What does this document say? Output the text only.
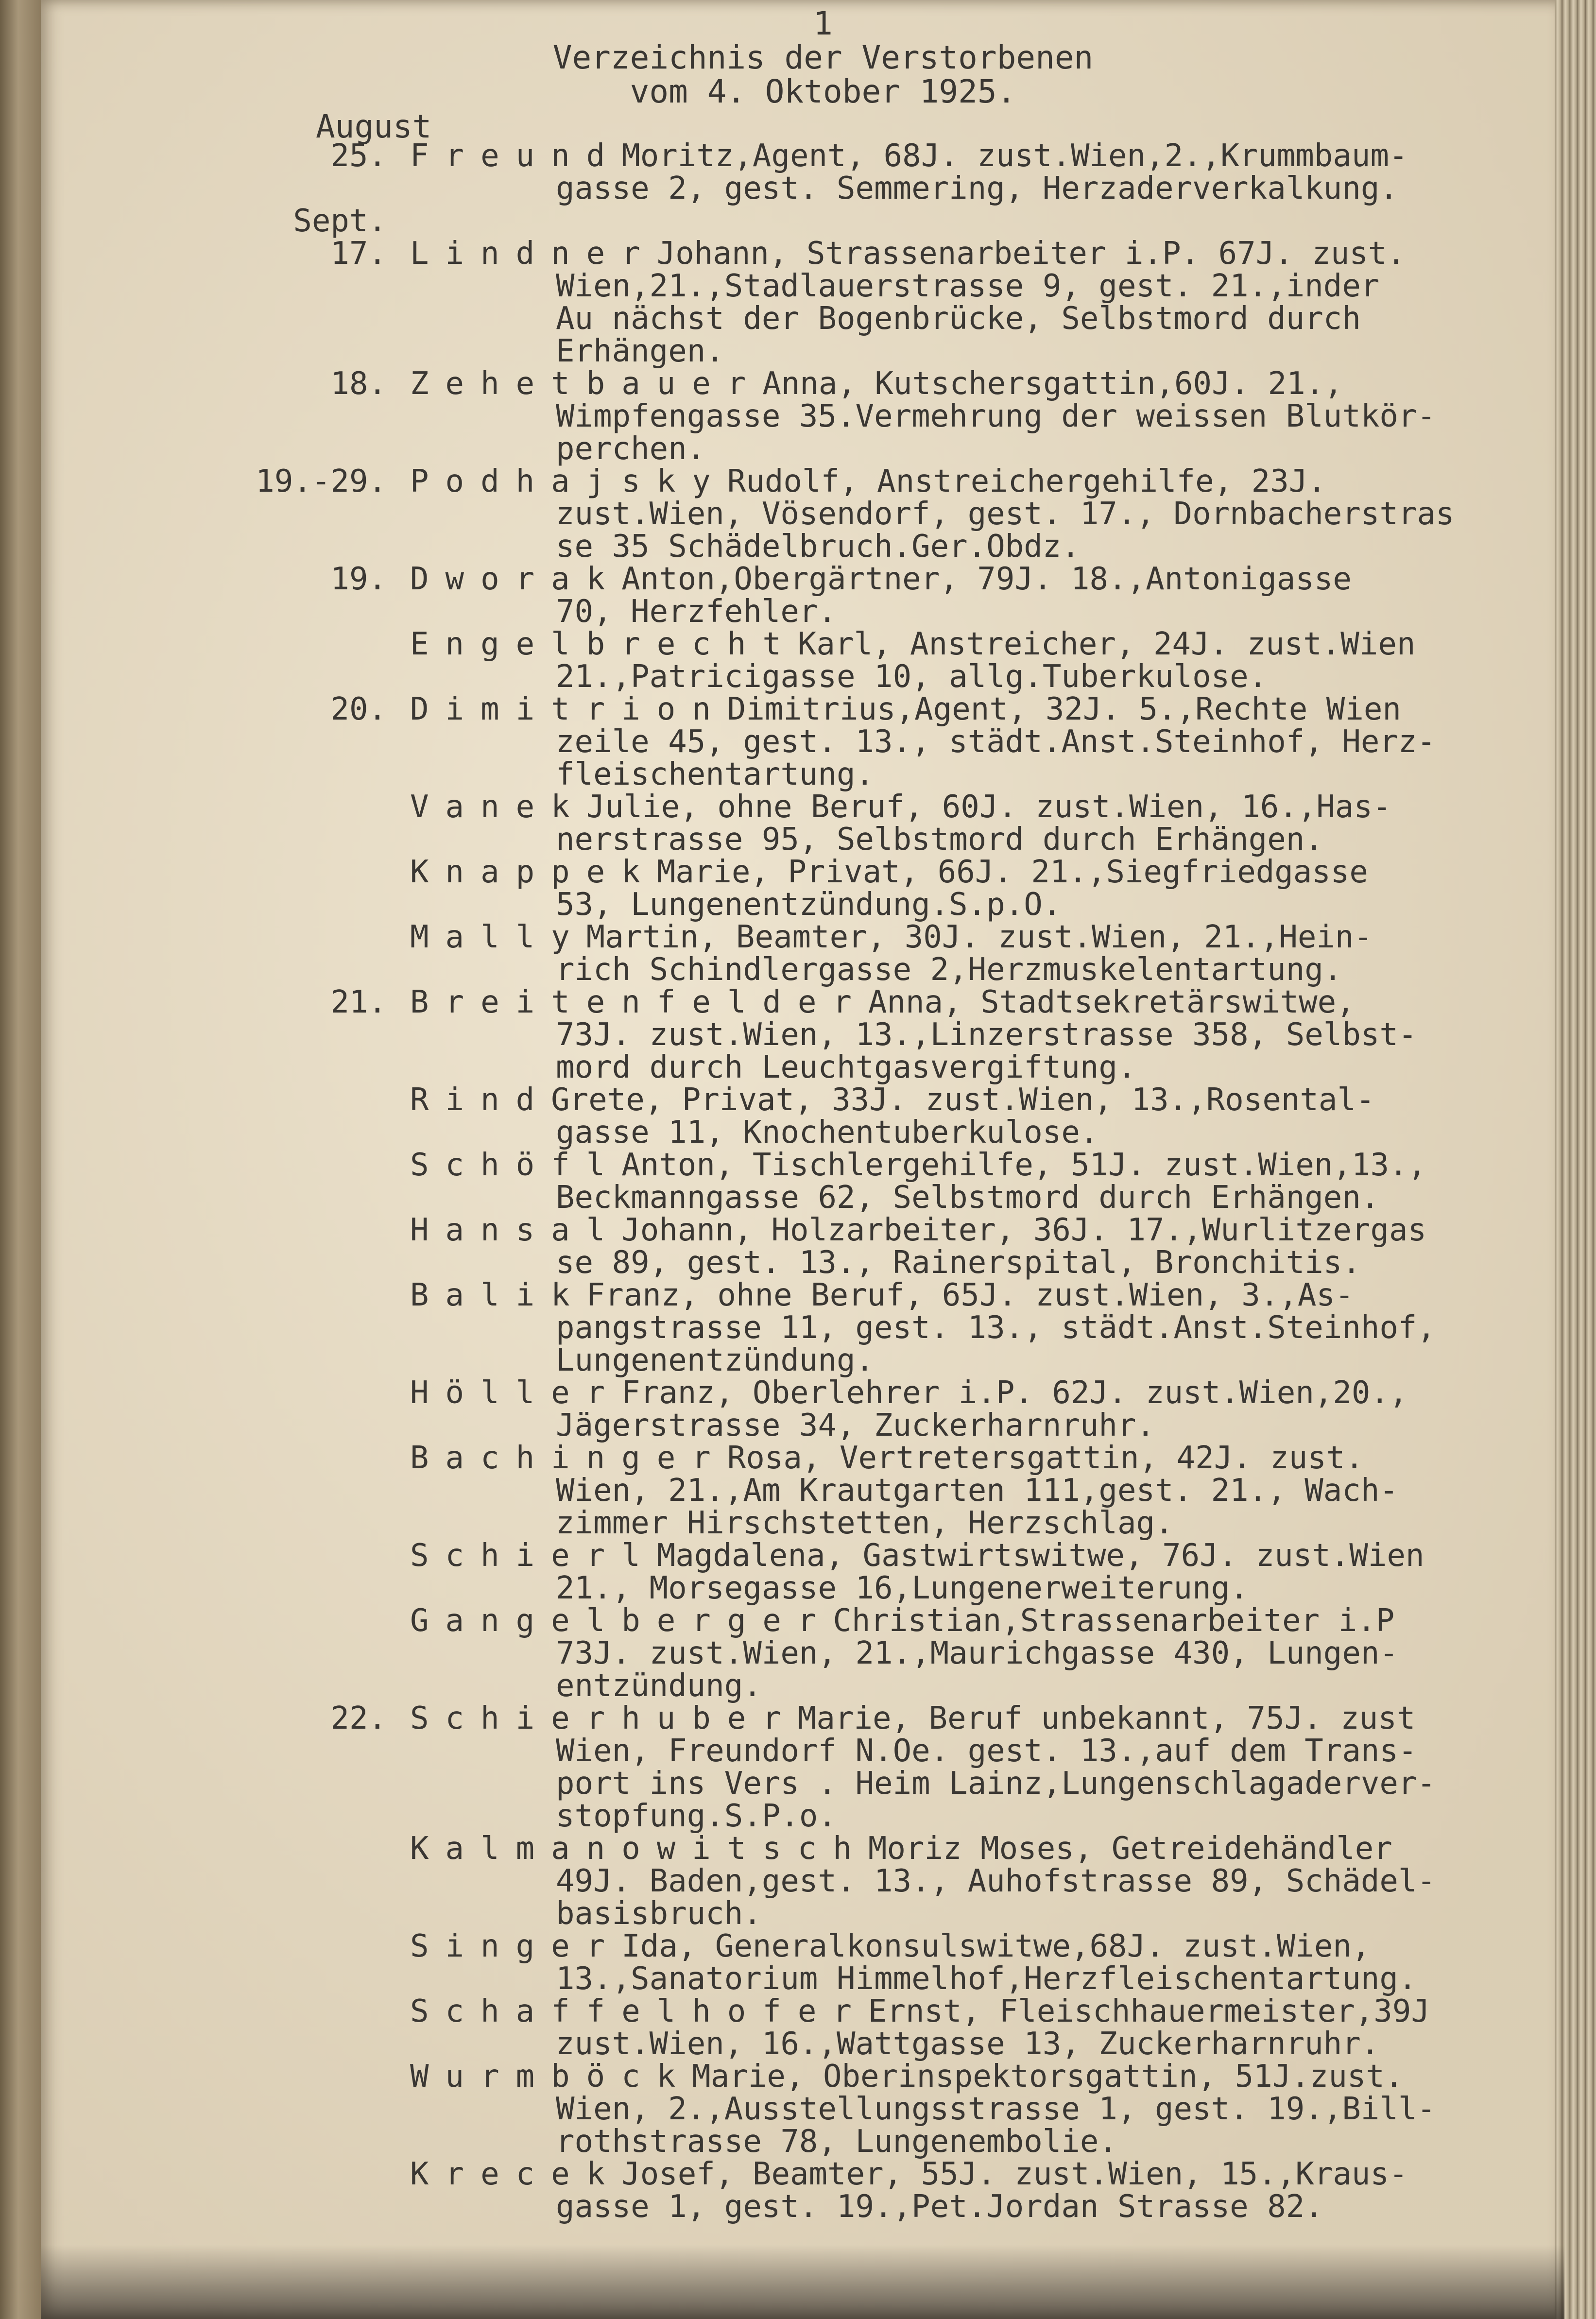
1
Verzeichnis der Verstorbenen
vom 4. Oktober 1925.
August
25. FreundMoritz,Agent, 68J. zust.Wien,2.,Krummbaum-
gasse 2, gest. Semmering, Herzaderverkalkung.
Sept.
17. LindnerJohann, Strassenarbeiter i.P. 67J. zust.
Wien,21.,Stadlauerstrasse 9, gest. 21.,inder
Au nächst der Bogenbrücke, Selbstmord durch
Erhängen.
18. ZehetbauerAnna, Kutschersgattin,60J. 21.,
Wimpfengasse 35.Vermehrung der weissen Blutkör-
perchen.
19.-29. PodhajskyRudolf, Anstreichergehilfe, 23J.
zust.Wien, Vösendorf, gest. 17., Dornbacherstras
se 35 Schädelbruch.Ger.Obdz.
19. DworakAnton,Obergärtner, 79J. 18.,Antonigasse
70, Herzfehler.
EngelbrechtKarl, Anstreicher, 24J. zust.Wien
21.,Patricigasse 10, allg.Tuberkulose.
20. DimitrionDimitrius,Agent, 32J. 5.,Rechte Wien
zeile 45, gest. 13., städt.Anst.Steinhof, Herz-
fleischentartung.
VanekJulie, ohne Beruf, 60J. zust.Wien, 16.,Has-
nerstrasse 95, Selbstmord durch Erhängen.
KnappekMarie, Privat, 66J. 21.,Siegfriedgasse
53, Lungenentzündung.S.p.O.
MallyMartin, Beamter, 30J. zust.Wien, 21.,Hein-
rich Schindlergasse 2,Herzmuskelentartung.
21. BreitenfelderAnna, Stadtsekretärswitwe,
73J. zust.Wien, 13.,Linzerstrasse 358, Selbst-
mord durch Leuchtgasvergiftung.
RindGrete, Privat, 33J. zust.Wien, 13.,Rosental-
gasse 11, Knochentuberkulose.
SchöflAnton, Tischlergehilfe, 51J. zust.Wien,13.,
Beckmanngasse 62, Selbstmord durch Erhängen.
HansalJohann, Holzarbeiter, 36J. 17.,Wurlitzergas
se 89, gest. 13., Rainerspital, Bronchitis.
BalikFranz, ohne Beruf, 65J. zust.Wien, 3.,As-
pangstrasse 11, gest. 13., städt.Anst.Steinhof,
Lungenentzündung.
HöllerFranz, Oberlehrer i.P. 62J. zust.Wien,20.,
Jägerstrasse 34, Zuckerharnruhr.
BachingerRosa, Vertretersgattin, 42J. zust.
Wien, 21.,Am Krautgarten 111,gest. 21., Wach-
zimmer Hirschstetten, Herzschlag.
SchierlMagdalena, Gastwirtswitwe, 76J. zust.Wien
21., Morsegasse 16,Lungenerweiterung.
GangelbergerChristian,Strassenarbeiter i.P
73J. zust.Wien, 21.,Maurichgasse 430, Lungen-
entzündung.
22. SchierhuberMarie, Beruf unbekannt, 75J. zust
Wien, Freundorf N.Oe. gest. 13.,auf dem Trans-
port ins Vers . Heim Lainz,Lungenschlagaderver-
stopfung.S.P.o.
KalmanowitschMoriz Moses, Getreidehändler
49J. Baden,gest. 13., Auhofstrasse 89, Schädel-
basisbruch.
SingerIda, Generalkonsulswitwe,68J. zust.Wien,
13.,Sanatorium Himmelhof,Herzfleischentartung.
SchaffelhoferErnst, Fleischhauermeister,39J
zust.Wien, 16.,Wattgasse 13, Zuckerharnruhr.
WurmböckMarie, Oberinspektorsgattin, 51J.zust.
Wien, 2.,Ausstellungsstrasse 1, gest. 19.,Bill-
rothstrasse 78, Lungenembolie.
KrecekJosef, Beamter, 55J. zust.Wien, 15.,Kraus-
gasse 1, gest. 19.,Pet.Jordan Strasse 82.
